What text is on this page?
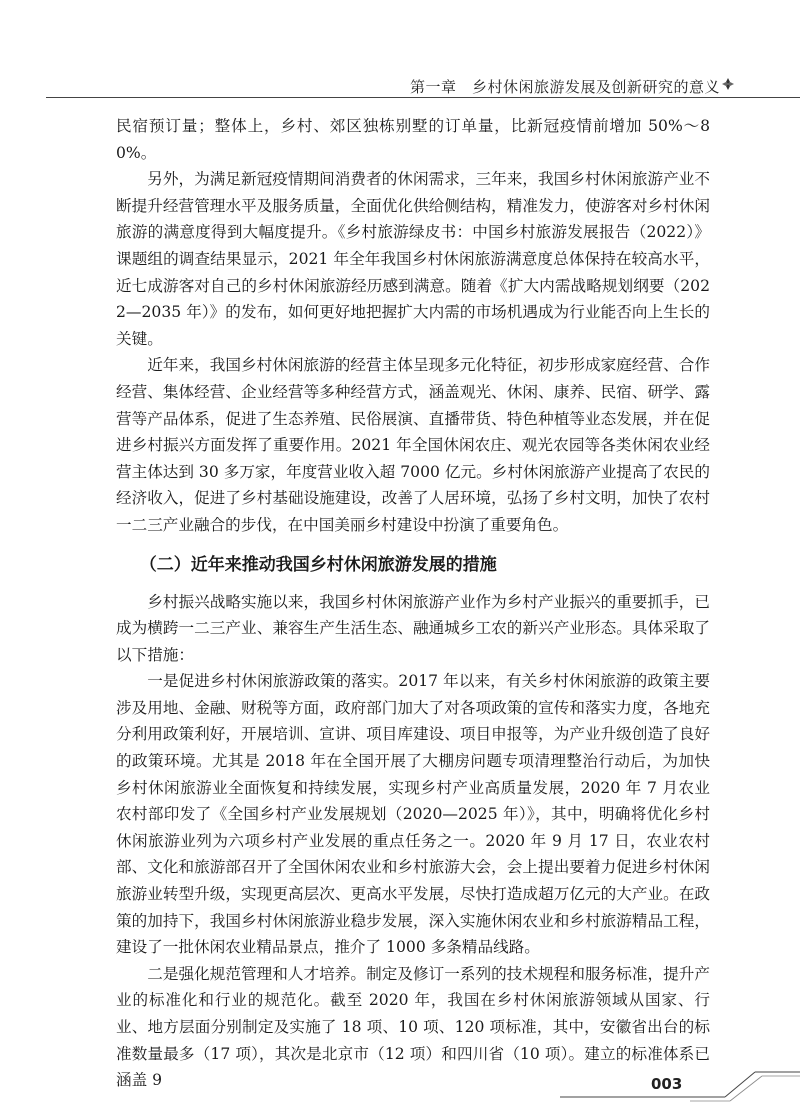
第一章　乡村休闲旅游发展及创新研究的意义

民宿预订量；整体上，乡村、郊区独栋别墅的订单量，比新冠疫情前增加 50%～80%。

另外，为满足新冠疫情期间消费者的休闲需求，三年来，我国乡村休闲旅游产业不断提升经营管理水平及服务质量，全面优化供给侧结构，精准发力，使游客对乡村休闲旅游的满意度得到大幅度提升。《乡村旅游绿皮书：中国乡村旅游发展报告（2022）》课题组的调查结果显示，2021 年全年我国乡村休闲旅游满意度总体保持在较高水平，近七成游客对自己的乡村休闲旅游经历感到满意。随着《扩大内需战略规划纲要（2022—2035 年）》的发布，如何更好地把握扩大内需的市场机遇成为行业能否向上生长的关键。

近年来，我国乡村休闲旅游的经营主体呈现多元化特征，初步形成家庭经营、合作经营、集体经营、企业经营等多种经营方式，涵盖观光、休闲、康养、民宿、研学、露营等产品体系，促进了生态养殖、民俗展演、直播带货、特色种植等业态发展，并在促进乡村振兴方面发挥了重要作用。2021 年全国休闲农庄、观光农园等各类休闲农业经营主体达到 30 多万家，年度营业收入超 7000 亿元。乡村休闲旅游产业提高了农民的经济收入，促进了乡村基础设施建设，改善了人居环境，弘扬了乡村文明，加快了农村一二三产业融合的步伐，在中国美丽乡村建设中扮演了重要角色。

（二）近年来推动我国乡村休闲旅游发展的措施

乡村振兴战略实施以来，我国乡村休闲旅游产业作为乡村产业振兴的重要抓手，已成为横跨一二三产业、兼容生产生活生态、融通城乡工农的新兴产业形态。具体采取了以下措施：

一是促进乡村休闲旅游政策的落实。2017 年以来，有关乡村休闲旅游的政策主要涉及用地、金融、财税等方面，政府部门加大了对各项政策的宣传和落实力度，各地充分利用政策利好，开展培训、宣讲、项目库建设、项目申报等，为产业升级创造了良好的政策环境。尤其是 2018 年在全国开展了大棚房问题专项清理整治行动后，为加快乡村休闲旅游业全面恢复和持续发展，实现乡村产业高质量发展，2020 年 7 月农业农村部印发了《全国乡村产业发展规划（2020—2025 年）》，其中，明确将优化乡村休闲旅游业列为六项乡村产业发展的重点任务之一。2020 年 9 月 17 日，农业农村部、文化和旅游部召开了全国休闲农业和乡村旅游大会，会上提出要着力促进乡村休闲旅游业转型升级，实现更高层次、更高水平发展，尽快打造成超万亿元的大产业。在政策的加持下，我国乡村休闲旅游业稳步发展，深入实施休闲农业和乡村旅游精品工程，建设了一批休闲农业精品景点，推介了 1000 多条精品线路。

二是强化规范管理和人才培养。制定及修订一系列的技术规程和服务标准，提升产业的标准化和行业的规范化。截至 2020 年，我国在乡村休闲旅游领域从国家、行业、地方层面分别制定及实施了 18 项、10 项、120 项标准，其中，安徽省出台的标准数量最多（17 项），其次是北京市（12 项）和四川省（10 项）。建立的标准体系已涵盖 9	003
